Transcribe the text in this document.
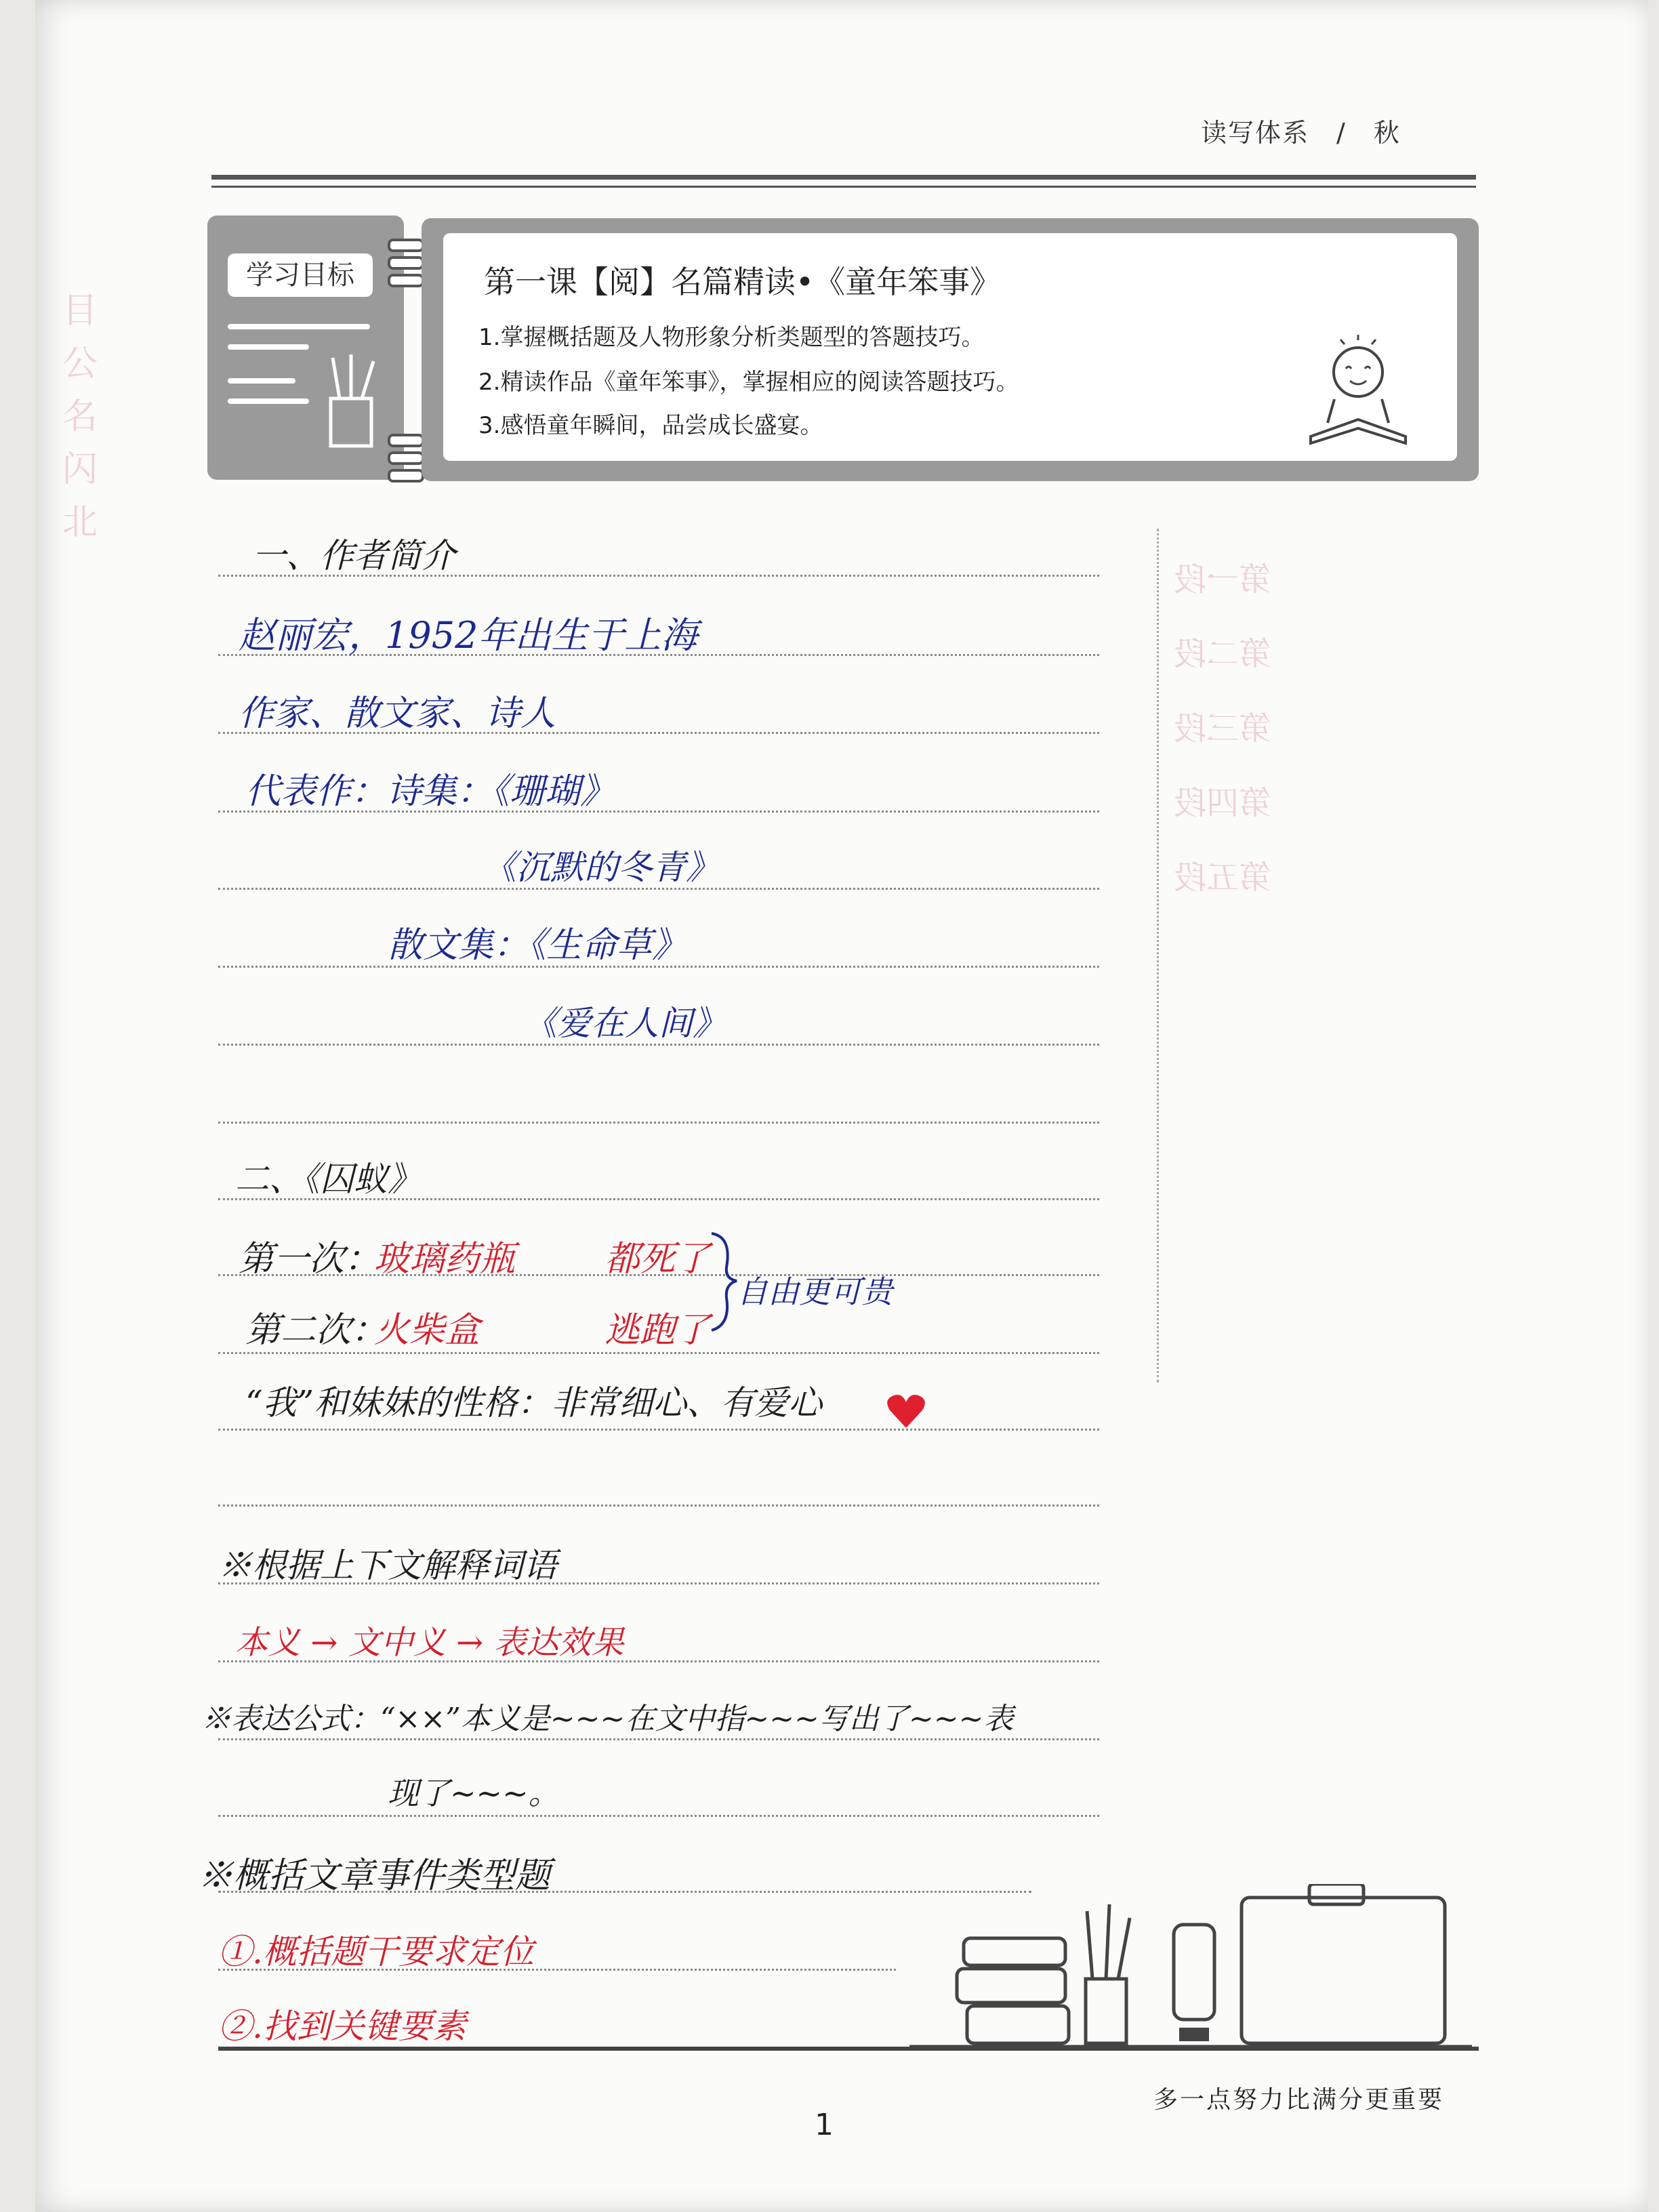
读写体系 / 秋
学习目标	第一课【阅】名篇精读•《童年笨事》
1.掌握概括题及人物形象分析类题型的答题技巧。
2.精读作品《童年笨事》，掌握相应的阅读答题技巧。
3.感悟童年瞬间，品尝成长盛宴。
目
公
名
闪
北
第一段
第二段
第三段
第四段
第五段
一、作者简介
赵丽宏，1952年出生于上海
作家、散文家、诗人
代表作：诗集：《珊瑚》
《沉默的冬青》
散文集：《生命草》
《爱在人间》
二、《囚蚁》
第一次：
玻璃药瓶	都死了
第二次：
火柴盒	逃跑了
自由更可贵
“我”和妹妹的性格：非常细心、有爱心
※根据上下文解释词语
本义 → 文中义 → 表达效果
※表达公式：“××”本义是~~~在文中指~~~写出了~~~表
现了~~~。
※概括文章事件类型题
①.概括题干要求定位
②.找到关键要素
多一点努力比满分更重要
1
